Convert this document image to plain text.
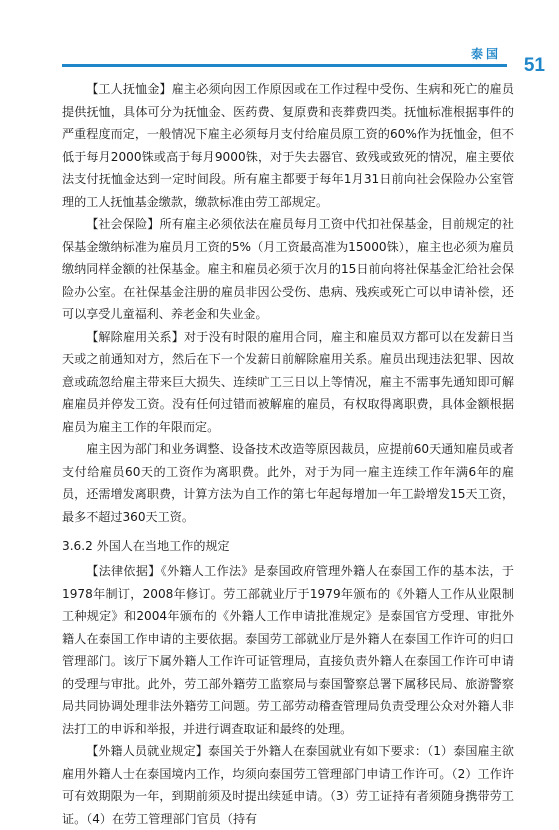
泰国
51

【工人抚恤金】雇主必须向因工作原因或在工作过程中受伤、生病和死亡的雇员提供抚恤，具体可分为抚恤金、医药费、复原费和丧葬费四类。抚恤标准根据事件的严重程度而定，一般情况下雇主必须每月支付给雇员原工资的60%作为抚恤金，但不低于每月2000铢或高于每月9000铢，对于失去器官、致残或致死的情况，雇主要依法支付抚恤金达到一定时间段。所有雇主都要于每年1月31日前向社会保险办公室管理的工人抚恤基金缴款，缴款标准由劳工部规定。

【社会保险】所有雇主必须依法在雇员每月工资中代扣社保基金，目前规定的社保基金缴纳标准为雇员月工资的5%（月工资最高准为15000铢），雇主也必须为雇员缴纳同样金额的社保基金。雇主和雇员必须于次月的15日前向将社保基金汇给社会保险办公室。在社保基金注册的雇员非因公受伤、患病、残疾或死亡可以申请补偿，还可以享受儿童福利、养老金和失业金。

【解除雇用关系】对于没有时限的雇用合同，雇主和雇员双方都可以在发薪日当天或之前通知对方，然后在下一个发薪日前解除雇用关系。雇员出现违法犯罪、因故意或疏忽给雇主带来巨大损失、连续旷工三日以上等情况，雇主不需事先通知即可解雇雇员并停发工资。没有任何过错而被解雇的雇员，有权取得离职费，具体金额根据雇员为雇主工作的年限而定。

雇主因为部门和业务调整、设备技术改造等原因裁员，应提前60天通知雇员或者支付给雇员60天的工资作为离职费。此外，对于为同一雇主连续工作年满6年的雇员，还需增发离职费，计算方法为自工作的第七年起每增加一年工龄增发15天工资，最多不超过360天工资。

3.6.2 外国人在当地工作的规定

【法律依据】《外籍人工作法》是泰国政府管理外籍人在泰国工作的基本法，于1978年制订，2008年修订。劳工部就业厅于1979年颁布的《外籍人工作从业限制工种规定》和2004年颁布的《外籍人工作申请批准规定》是泰国官方受理、审批外籍人在泰国工作申请的主要依据。泰国劳工部就业厅是外籍人在泰国工作许可的归口管理部门。该厅下属外籍人工作许可证管理局，直接负责外籍人在泰国工作许可申请的受理与审批。此外，劳工部外籍劳工监察局与泰国警察总署下属移民局、旅游警察局共同协调处理非法外籍劳工问题。劳工部劳动稽查管理局负责受理公众对外籍人非法打工的申诉和举报，并进行调查取证和最终的处理。

【外籍人员就业规定】泰国关于外籍人在泰国就业有如下要求：（1）泰国雇主欲雇用外籍人士在泰国境内工作，均须向泰国劳工管理部门申请工作许可。（2）工作许可有效期限为一年，到期前须及时提出续延申请。（3）劳工证持有者须随身携带劳工证。（4）在劳工管理部门官员（持有
